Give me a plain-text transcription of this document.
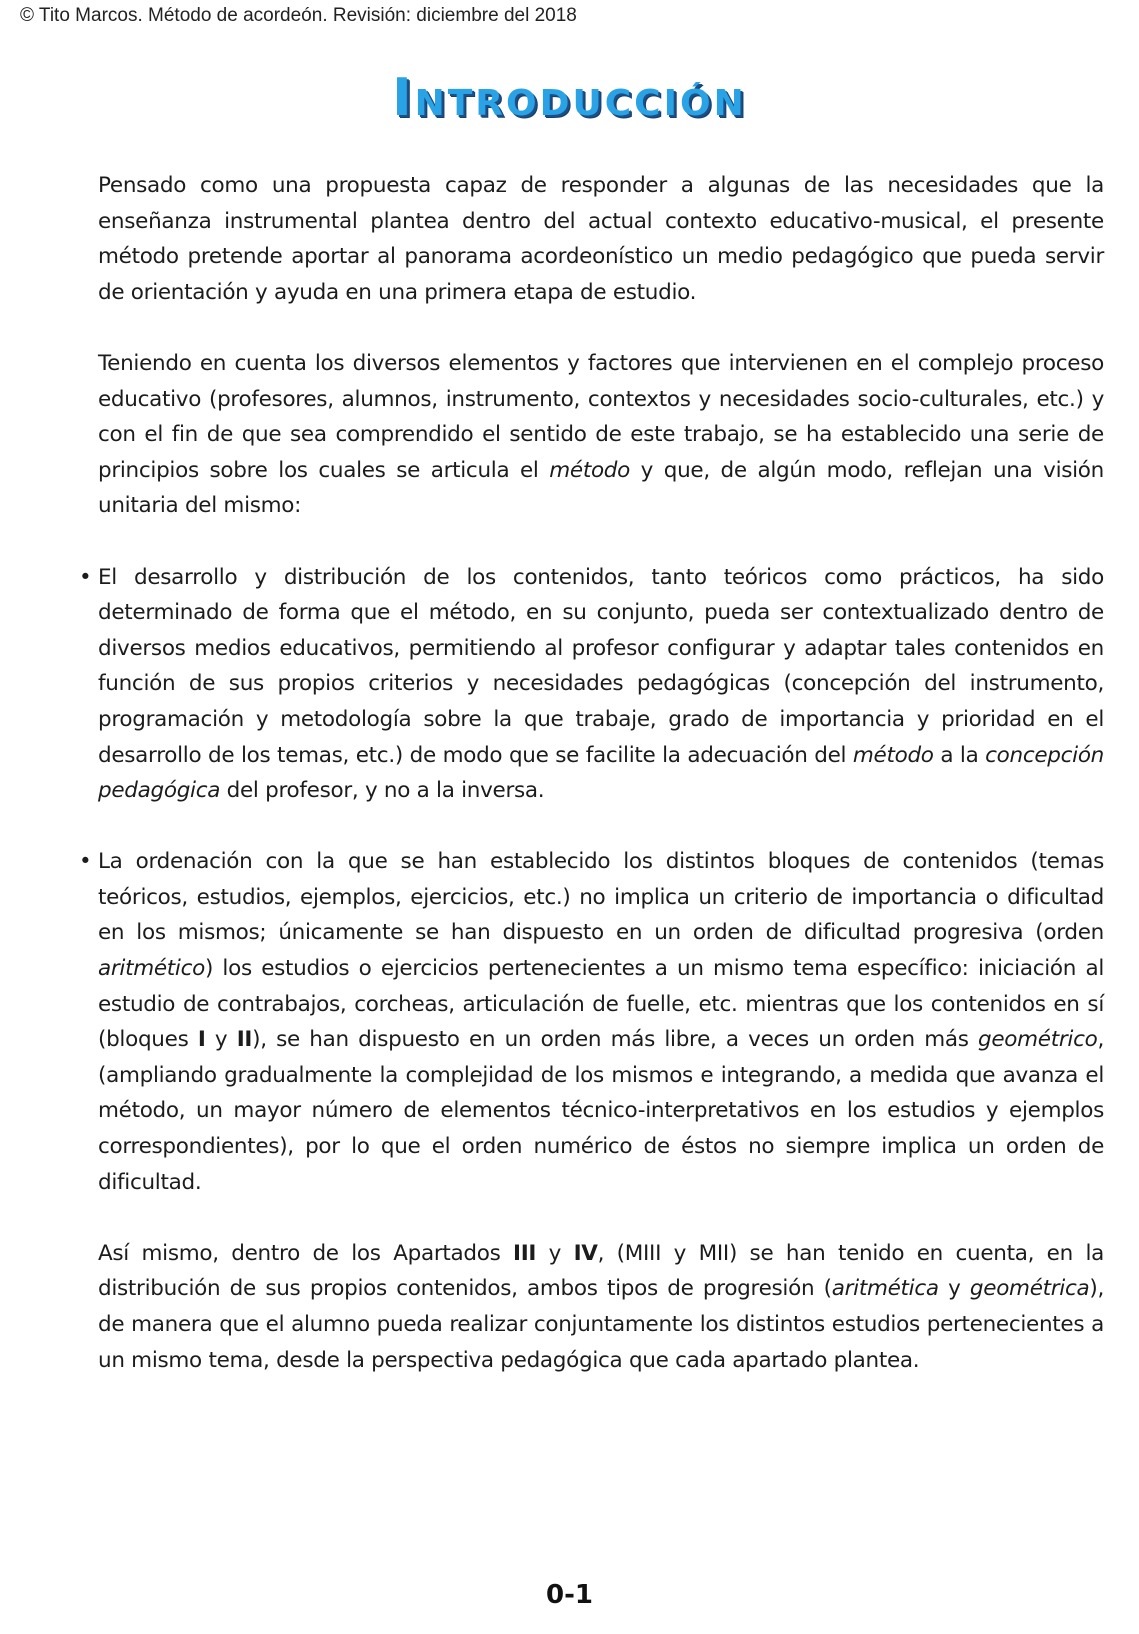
© Tito Marcos. Método de acordeón. Revisión: diciembre del 2018
Introducción

Pensado como una propuesta capaz de responder a algunas de las necesidades que la enseñanza instrumental plantea dentro del actual contexto educativo-musical, el presente método pretende aportar al panorama acordeonístico un medio pedagógico que pueda servir de orientación y ayuda en una primera etapa de estudio.

Teniendo en cuenta los diversos elementos y factores que intervienen en el complejo proceso educativo (profesores, alumnos, instrumento, contextos y necesidades socio-culturales, etc.) y con el fin de que sea comprendido el sentido de este trabajo, se ha establecido una serie de principios sobre los cuales se articula el método y que, de algún modo, reflejan una visión unitaria del mismo:

• El desarrollo y distribución de los contenidos, tanto teóricos como prácticos, ha sido determinado de forma que el método, en su conjunto, pueda ser contextualizado dentro de diversos medios educativos, permitiendo al profesor configurar y adaptar tales contenidos en función de sus propios criterios y necesidades pedagógicas (concepción del instrumento, programación y metodología sobre la que trabaje, grado de importancia y prioridad en el desarrollo de los temas, etc.) de modo que se facilite la adecuación del método a la concepción pedagógica del profesor, y no a la inversa.

• La ordenación con la que se han establecido los distintos bloques de contenidos (temas teóricos, estudios, ejemplos, ejercicios, etc.) no implica un criterio de importancia o dificultad en los mismos; únicamente se han dispuesto en un orden de dificultad progresiva (orden aritmético) los estudios o ejercicios pertenecientes a un mismo tema específico: iniciación al estudio de contrabajos, corcheas, articulación de fuelle, etc. mientras que los contenidos en sí (bloques I y II), se han dispuesto en un orden más libre, a veces un orden más geométrico, (ampliando gradualmente la complejidad de los mismos e integrando, a medida que avanza el método, un mayor número de elementos técnico-interpretativos en los estudios y ejemplos correspondientes), por lo que el orden numérico de éstos no siempre implica un orden de dificultad.

Así mismo, dentro de los Apartados III y IV, (MIII y MII) se han tenido en cuenta, en la distribución de sus propios contenidos, ambos tipos de progresión (aritmética y geométrica), de manera que el alumno pueda realizar conjuntamente los distintos estudios pertenecientes a un mismo tema, desde la perspectiva pedagógica que cada apartado plantea.

0-1
